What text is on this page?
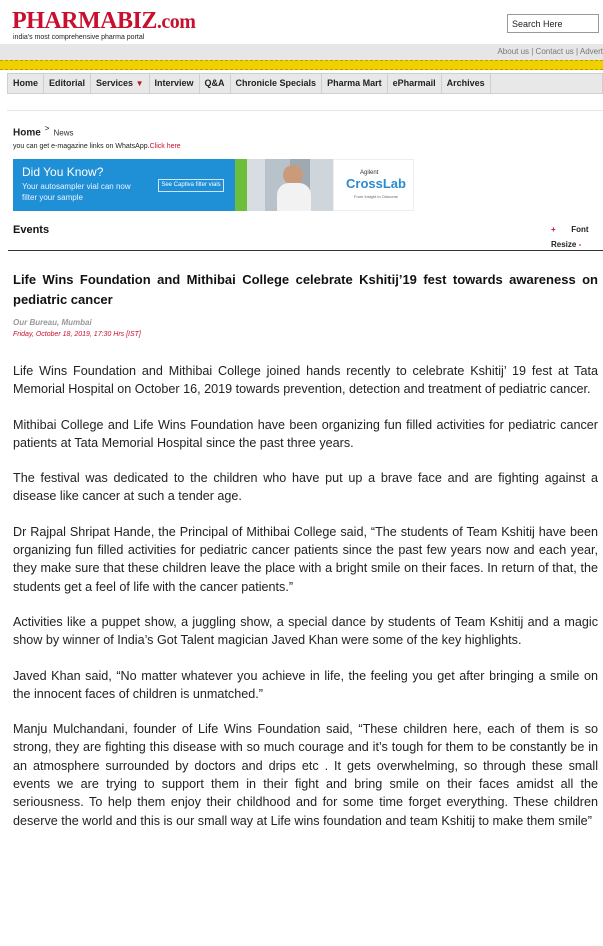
PHARMABIZ.com
india's most comprehensive pharma portal
Search Here
About us | Contact us | Advert
Home	Editorial	Services ▼	Interview	Q&A	Chronicle Specials	Pharma Mart	ePharmail	Archives
Home > News
you can get e-magazine links on WhatsApp.Click here
Did You Know?
Your autosampler vial can now filter your sample
See Captiva filter vials
Agilent
CrossLab
From Insight to Outcome
Events	+ Font
Resize -
Life Wins Foundation and Mithibai College celebrate Kshitij’19 fest towards awareness on pediatric cancer
Our Bureau, Mumbai
Friday, October 18, 2019, 17:30 Hrs [IST]

Life Wins Foundation and Mithibai College joined hands recently to celebrate Kshitij’ 19 fest at Tata Memorial Hospital on October 16, 2019 towards prevention, detection and treatment of pediatric cancer.

Mithibai College and Life Wins Foundation have been organizing fun filled activities for pediatric cancer patients at Tata Memorial Hospital since the past three years.

The festival was dedicated to the children who have put up a brave face and are fighting against a disease like cancer at such a tender age.

Dr Rajpal Shripat Hande, the Principal of Mithibai College said, “The students of Team Kshitij have been organizing fun filled activities for pediatric cancer patients since the past few years now and each year, they make sure that these children leave the place with a bright smile on their faces. In return of that, the students get a feel of life with the cancer patients.”

Activities like a puppet show, a juggling show, a special dance by students of Team Kshitij and a magic show by winner of India’s Got Talent magician Javed Khan were some of the key highlights.

Javed Khan said, “No matter whatever you achieve in life, the feeling you get after bringing a smile on the innocent faces of children is unmatched.”

Manju Mulchandani, founder of Life Wins Foundation said, “These children here, each of them is so strong, they are fighting this disease with so much courage and it’s tough for them to be constantly be in an atmosphere surrounded by doctors and drips etc . It gets overwhelming, so through these small events we are trying to support them in their fight and bring smile on their faces amidst all the seriousness. To help them enjoy their childhood and for some time forget everything. These children deserve the world and this is our small way at Life wins foundation and team Kshitij to make them smile”
